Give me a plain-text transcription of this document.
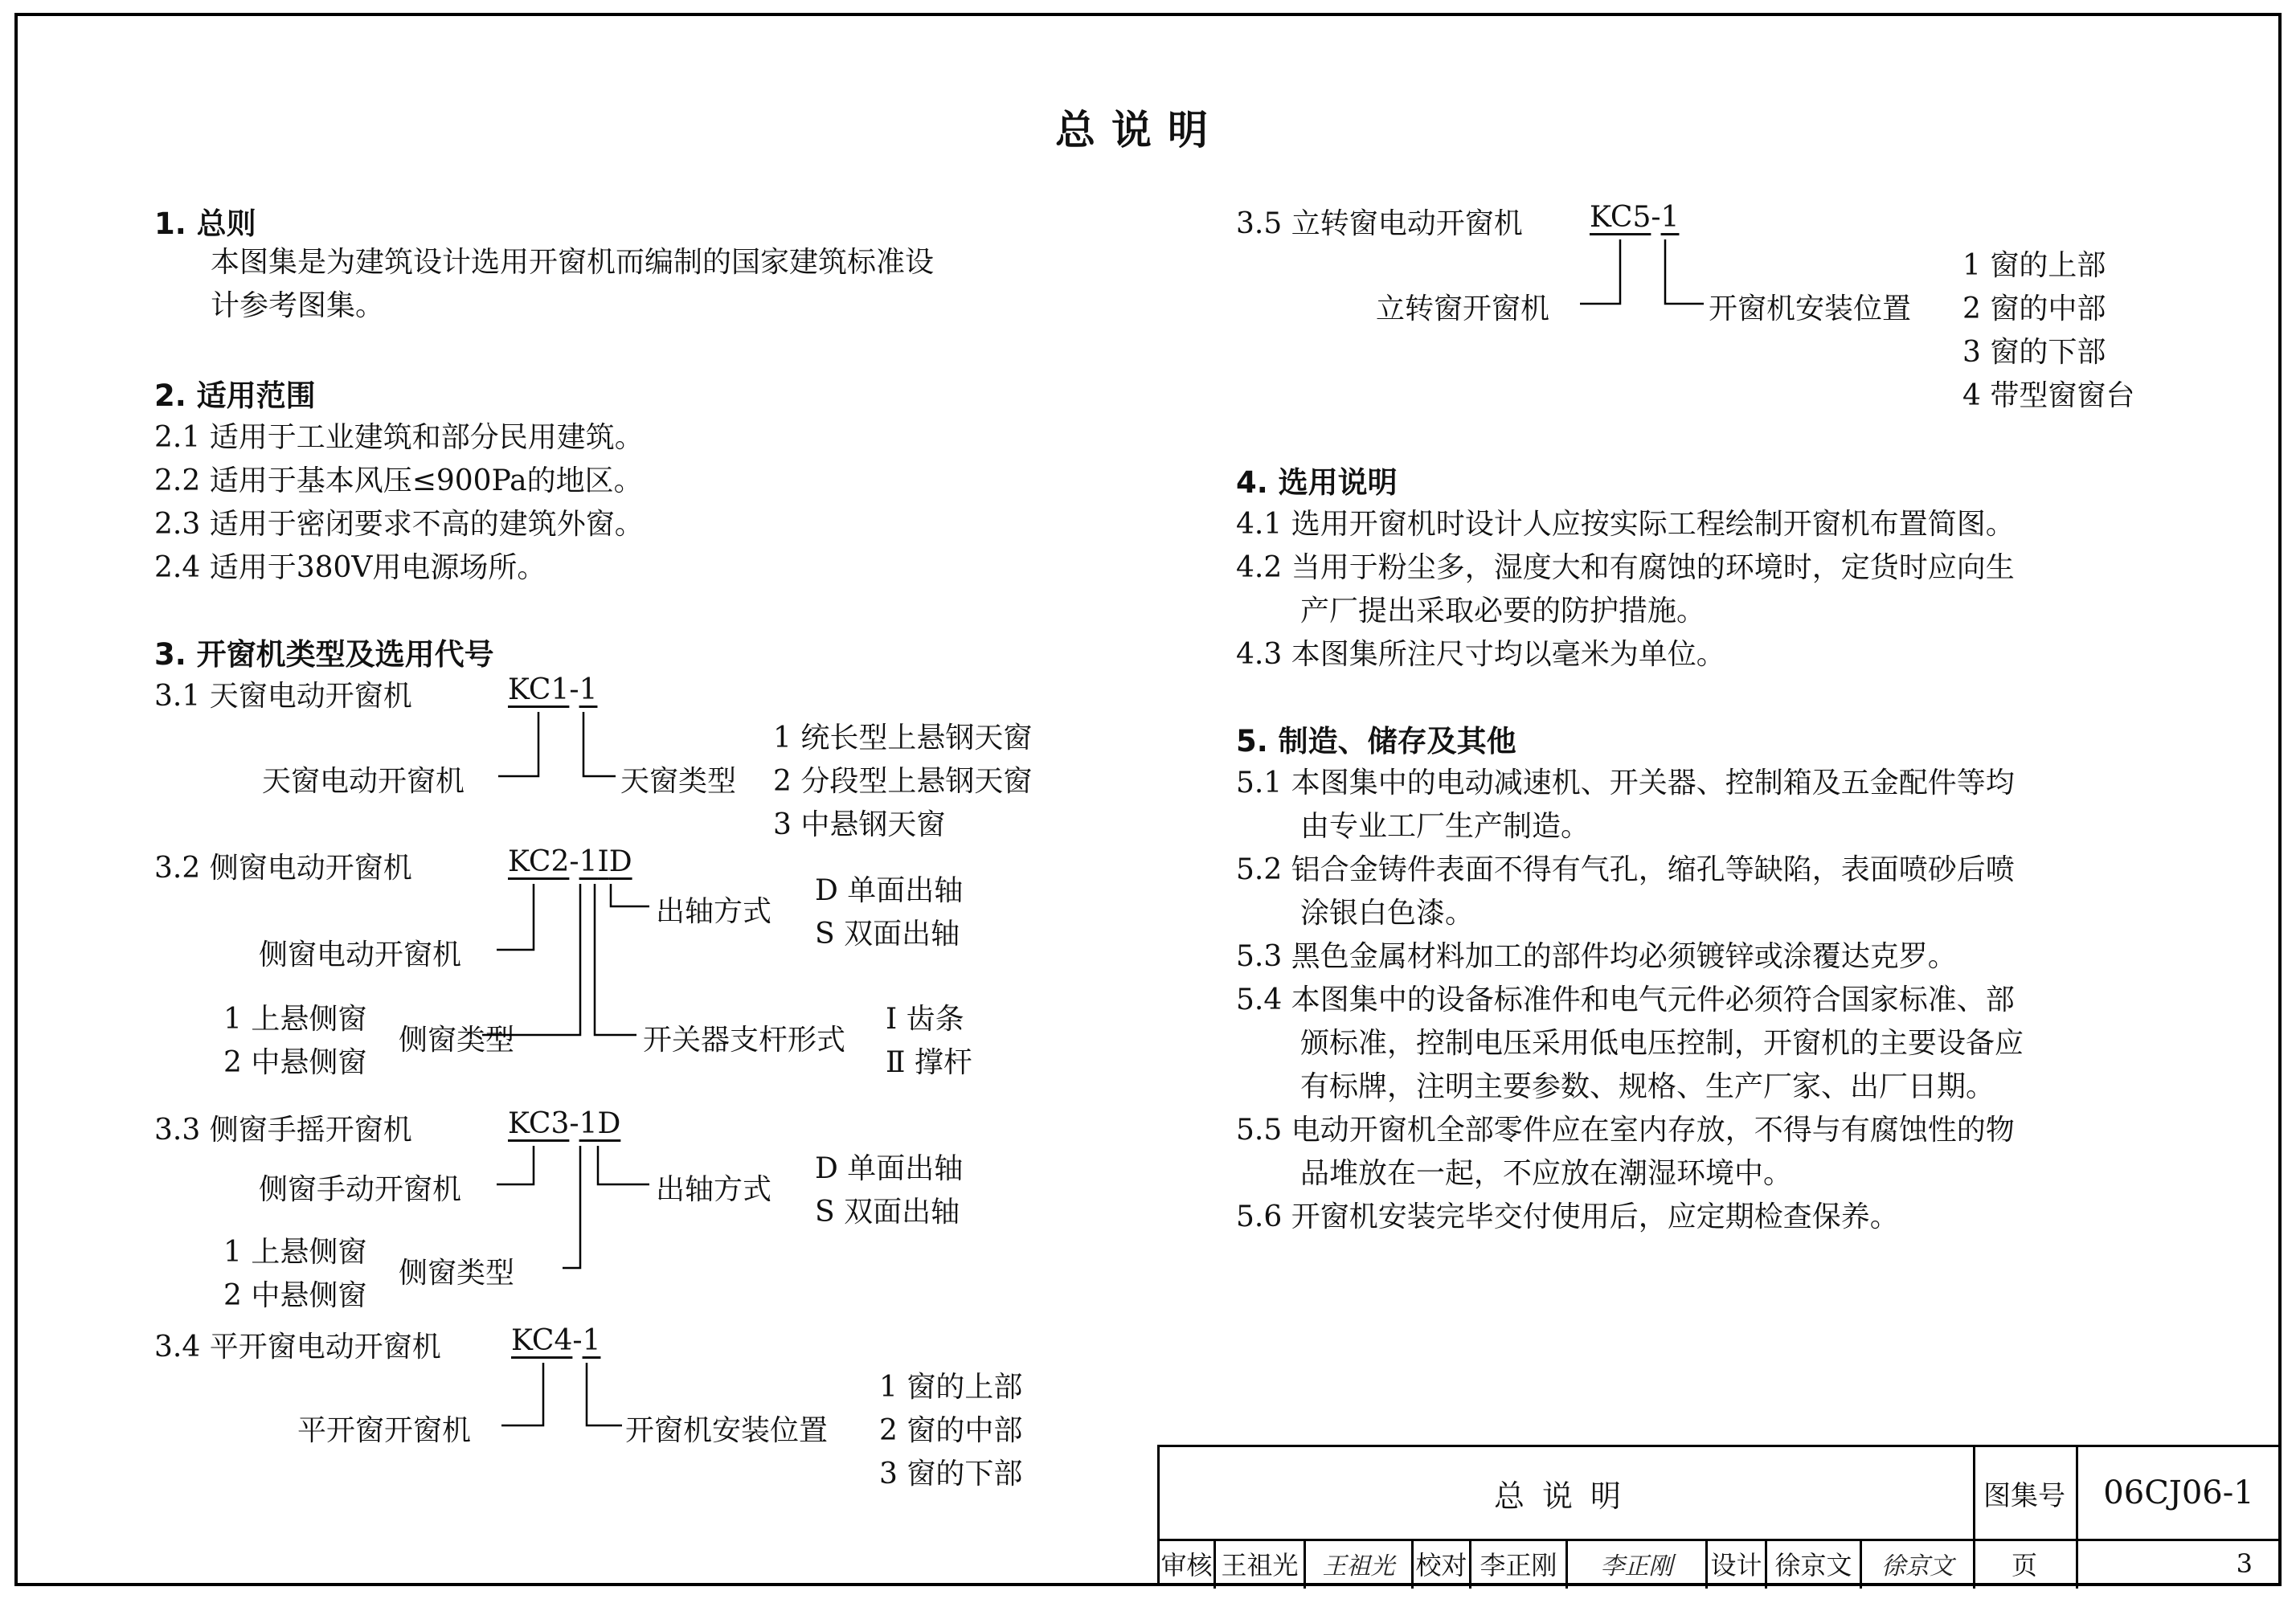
总说明
1. 总则
本图集是为建筑设计选用开窗机而编制的国家建筑标准设
计参考图集。
2. 适用范围
2.1 适用于工业建筑和部分民用建筑。
2.2 适用于基本风压≤900Pa的地区。
2.3 适用于密闭要求不高的建筑外窗。
2.4 适用于380V用电源场所。
3. 开窗机类型及选用代号
3.1 天窗电动开窗机	KC1-1
1 统长型上悬钢天窗
天窗电动开窗机	天窗类型 2 分段型上悬钢天窗
3 中悬钢天窗
3.2 侧窗电动开窗机	KC2-1ID
出轴方式
D 单面出轴
S 双面出轴
侧窗电动开窗机
1 上悬侧窗
2 中悬侧窗
侧窗类型	开关器支杆形式
I 齿条
Ⅱ 撑杆
3.3 侧窗手摇开窗机	KC3-1D
出轴方式
D 单面出轴
S 双面出轴
侧窗手动开窗机
1 上悬侧窗
2 中悬侧窗
侧窗类型
3.4 平开窗电动开窗机 KC4-1
1 窗的上部
平开窗开窗机	开窗机安装位置 2 窗的中部
3 窗的下部
3.5 立转窗电动开窗机 KC5-1
1 窗的上部
立转窗开窗机	开窗机安装位置 2 窗的中部
3 窗的下部
4 带型窗窗台
4. 选用说明
4.1 选用开窗机时设计人应按实际工程绘制开窗机布置简图。
4.2 当用于粉尘多，湿度大和有腐蚀的环境时，定货时应向生
产厂提出采取必要的防护措施。
4.3 本图集所注尺寸均以毫米为单位。
5. 制造、储存及其他
5.1 本图集中的电动减速机、开关器、控制箱及五金配件等均
由专业工厂生产制造。
5.2 铝合金铸件表面不得有气孔，缩孔等缺陷，表面喷砂后喷
涂银白色漆。
5.3 黑色金属材料加工的部件均必须镀锌或涂覆达克罗。
5.4 本图集中的设备标准件和电气元件必须符合国家标准、部
颁标准，控制电压采用低电压控制，开窗机的主要设备应
有标牌，注明主要参数、规格、生产厂家、出厂日期。
5.5 电动开窗机全部零件应在室内存放，不得与有腐蚀性的物
品堆放在一起，不应放在潮湿环境中。
5.6 开窗机安装完毕交付使用后，应定期检查保养。
总说明	图集号	06CJ06-1
审核 王祖光	王祖光 校对 李正刚	李正刚	设计 徐京文	徐京文	页	3
